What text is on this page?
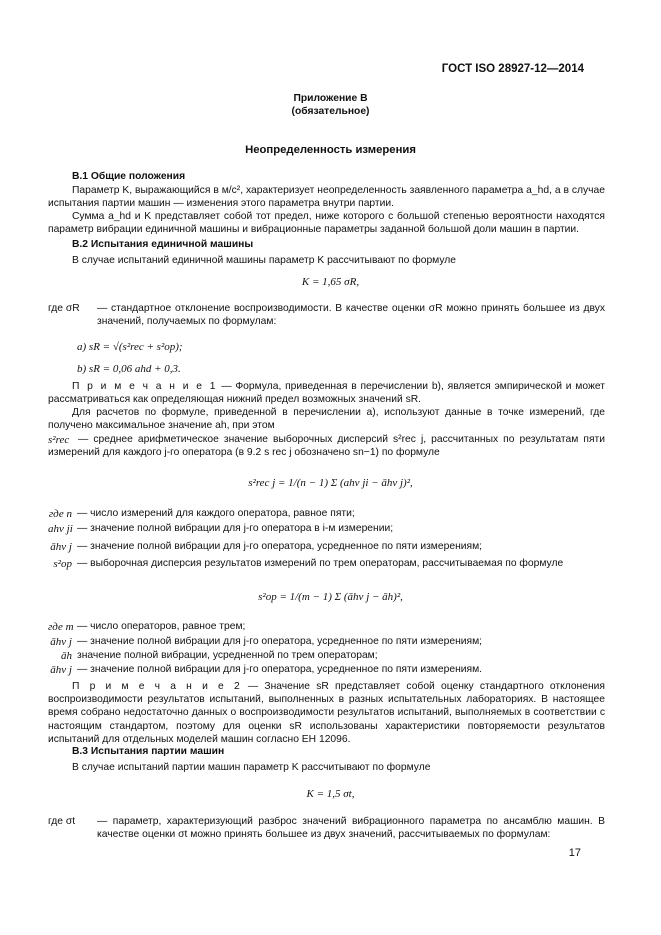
ГОСТ ISO 28927-12—2014
Приложение В
(обязательное)
Неопределенность измерения
В.1 Общие положения
Параметр K, выражающийся в м/с², характеризует неопределенность заявленного параметра a_hd, а в случае испытания партии машин — изменения этого параметра внутри партии.
Сумма a_hd и K представляет собой тот предел, ниже которого с большой степенью вероятности находятся параметр вибрации единичной машины и вибрационные параметры заданной большой доли машин в партии.
В.2 Испытания единичной машины
В случае испытаний единичной машины параметр K рассчитывают по формуле
K = 1,65 σR,
где σR — стандартное отклонение воспроизводимости. В качестве оценки σR можно принять большее из двух значений, получаемых по формулам:
a) sR = √(s²rec + s²op);
b) sR = 0,06 ahd + 0,3.
П р и м е ч а н и е 1 — Формула, приведенная в перечислении b), является эмпирической и может рассматриваться как определяющая нижний предел возможных значений sR.
Для расчетов по формуле, приведенной в перечислении a), используют данные в точке измерений, где получено максимальное значение ah, при этом
s²rec — среднее арифметическое значение выборочных дисперсий s²rec j, рассчитанных по результатам пяти измерений для каждого j-го оператора (в 9.2 s rec j обозначено sn−1) по формуле
s²rec j = 1/(n − 1) Σ (ahv ji − āhv j)²,
где n — число измерений для каждого оператора, равное пяти;
ahv ji — значение полной вибрации для j-го оператора в i-м измерении;
āhv j — значение полной вибрации для j-го оператора, усредненное по пяти измерениям;
s²op — выборочная дисперсия результатов измерений по трем операторам, рассчитываемая по формуле
s²op = 1/(m − 1) Σ (āhv j − āh)²,
где m — число операторов, равное трем;
āhv j — значение полной вибрации для j-го оператора, усредненное по пяти измерениям;
āh значение полной вибрации, усредненной по трем операторам;
āhv j — значение полной вибрации для j-го оператора, усредненное по пяти измерениям.
П р и м е ч а н и е 2 — Значение sR представляет собой оценку стандартного отклонения воспроизводимости результатов испытаний, выполненных в разных испытательных лабораториях. В настоящее время собрано недостаточно данных о воспроизводимости результатов испытаний, выполняемых в соответствии с настоящим стандартом, поэтому для оценки sR использованы характеристики повторяемости результатов испытаний для отдельных моделей машин согласно ЕН 12096.
В.3 Испытания партии машин
В случае испытаний партии машин параметр K рассчитывают по формуле
K = 1,5 σt,
где σt — параметр, характеризующий разброс значений вибрационного параметра по ансамблю машин. В качестве оценки σt можно принять большее из двух значений, рассчитываемых по формулам:
17
